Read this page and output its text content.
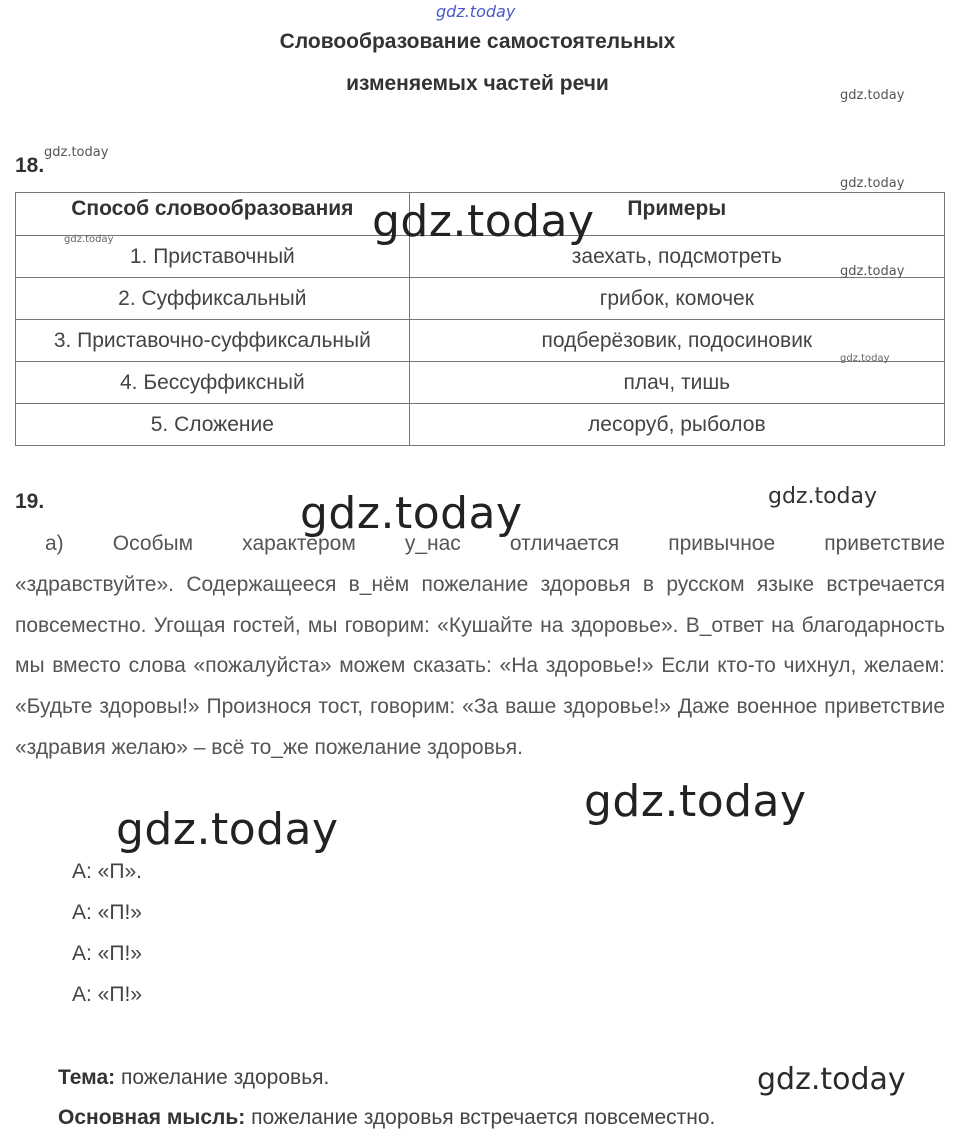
gdz.today
Словообразование самостоятельных
изменяемых частей речи
gdz.today
gdz.today
gdz.today
18.
Способ словообразования	Примеры
1. Приставочный	заехать, подсмотреть
2. Суффиксальный	грибок, комочек
3. Приставочно-суффиксальный	подберёзовик, подосиновик
4. Бессуффиксный	плач, тишь
5. Сложение	лесоруб, рыболов
gdz.today
gdz.today
gdz.today
gdz.today
19.	gdz.today
gdz.today
а) Особым характером у_нас отличается привычное приветствие
«здравствуйте». Содержащееся в_нём пожелание здоровья в русском языке встречается повсеместно. Угощая гостей, мы говорим: «Кушайте на здоровье». В_ответ на благодарность мы вместо слова «пожалуйста» можем сказать: «На здоровье!» Если кто-то чихнул, желаем: «Будьте здоровы!» Произнося тост, говорим: «За ваше здоровье!» Даже военное приветствие «здравия желаю» – всё то_же пожелание здоровья.
gdz.today
gdz.today
А: «П».
А: «П!»
А: «П!»
А: «П!»
Тема: пожелание здоровья.	gdz.today
Основная мысль: пожелание здоровья встречается повсеместно.
